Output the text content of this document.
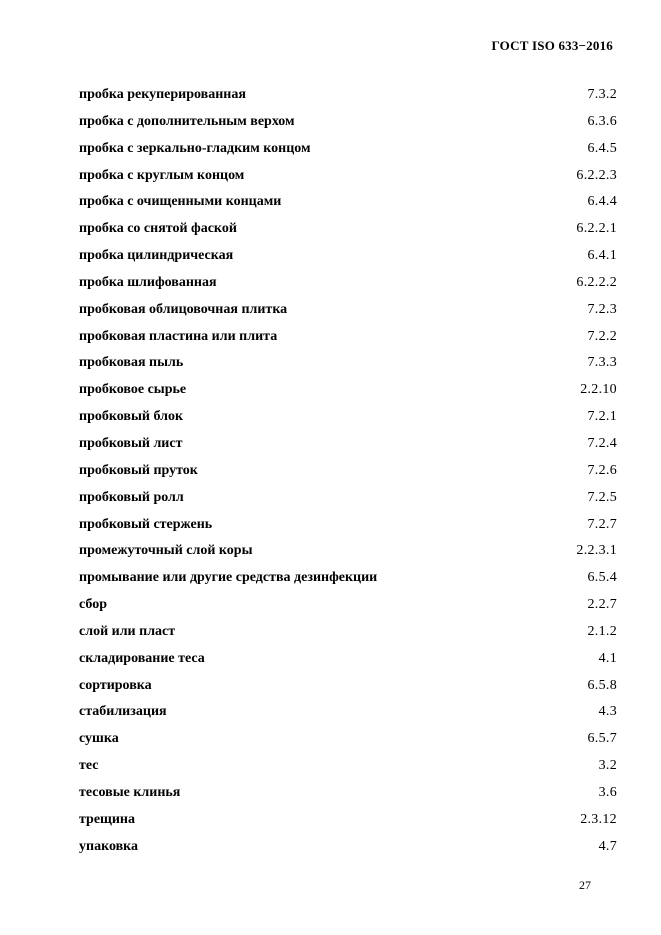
ГОСТ ISO 633−2016
пробка рекуперированная	7.3.2
пробка с дополнительным верхом	6.3.6
пробка с зеркально-гладким концом	6.4.5
пробка с круглым концом	6.2.2.3
пробка с очищенными концами	6.4.4
пробка со снятой фаской	6.2.2.1
пробка цилиндрическая	6.4.1
пробка шлифованная	6.2.2.2
пробковая облицовочная плитка	7.2.3
пробковая пластина или плита	7.2.2
пробковая пыль	7.3.3
пробковое сырье	2.2.10
пробковый блок	7.2.1
пробковый лист	7.2.4
пробковый пруток	7.2.6
пробковый ролл	7.2.5
пробковый стержень	7.2.7
промежуточный слой коры	2.2.3.1
промывание или другие средства дезинфекции	6.5.4
сбор	2.2.7
слой или пласт	2.1.2
складирование теса	4.1
сортировка	6.5.8
стабилизация	4.3
сушка	6.5.7
тес	3.2
тесовые клинья	3.6
трещина	2.3.12
упаковка	4.7
27
